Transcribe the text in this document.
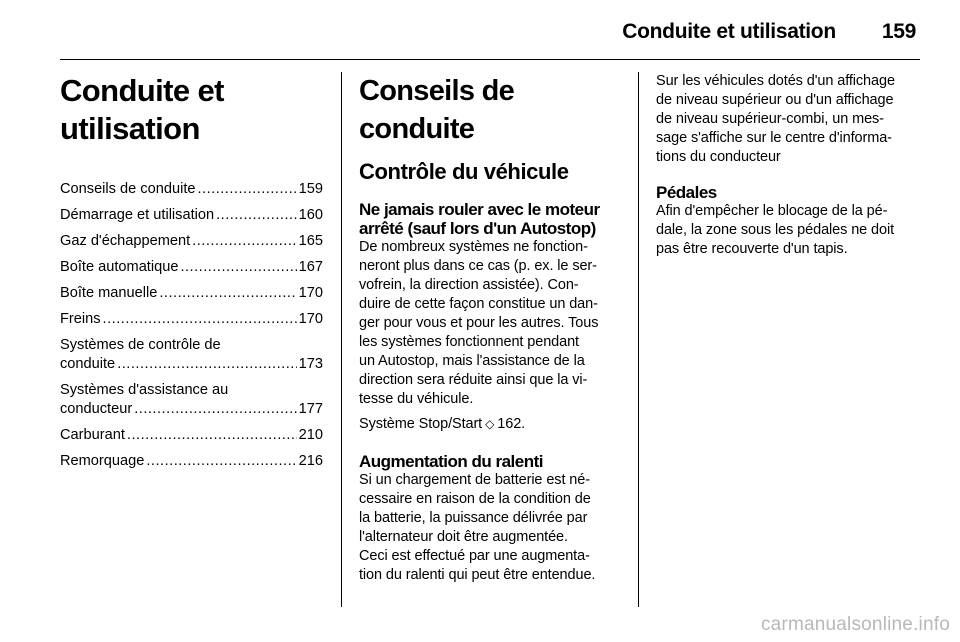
Conduite et utilisation 159
Conduite et utilisation
Conseils de conduite .....	159
Démarrage et utilisation .....	160
Gaz d'échappement .....	165
Boîte automatique .....	167
Boîte manuelle .....	170
Freins .....	170
Systèmes de contrôle de
conduite .....	173
Systèmes d'assistance au
conducteur .....	177
Carburant .....	210
Remorquage .....	216
Conseils de conduite
Contrôle du véhicule
Ne jamais rouler avec le moteur
arrêté (sauf lors d'un Autostop)
De nombreux systèmes ne fonction-
neront plus dans ce cas (p. ex. le ser-
vofrein, la direction assistée). Con-
duire de cette façon constitue un dan-
ger pour vous et pour les autres. Tous
les systèmes fonctionnent pendant
un Autostop, mais l'assistance de la
direction sera réduite ainsi que la vi-
tesse du véhicule.
Système Stop/Start ◇ 162.
Augmentation du ralenti
Si un chargement de batterie est né-
cessaire en raison de la condition de
la batterie, la puissance délivrée par
l'alternateur doit être augmentée.
Ceci est effectué par une augmenta-
tion du ralenti qui peut être entendue.
Sur les véhicules dotés d'un affichage
de niveau supérieur ou d'un affichage
de niveau supérieur-combi, un mes-
sage s'affiche sur le centre d'informa-
tions du conducteur
Pédales
Afin d'empêcher le blocage de la pé-
dale, la zone sous les pédales ne doit
pas être recouverte d'un tapis.
carmanualsonline.info
